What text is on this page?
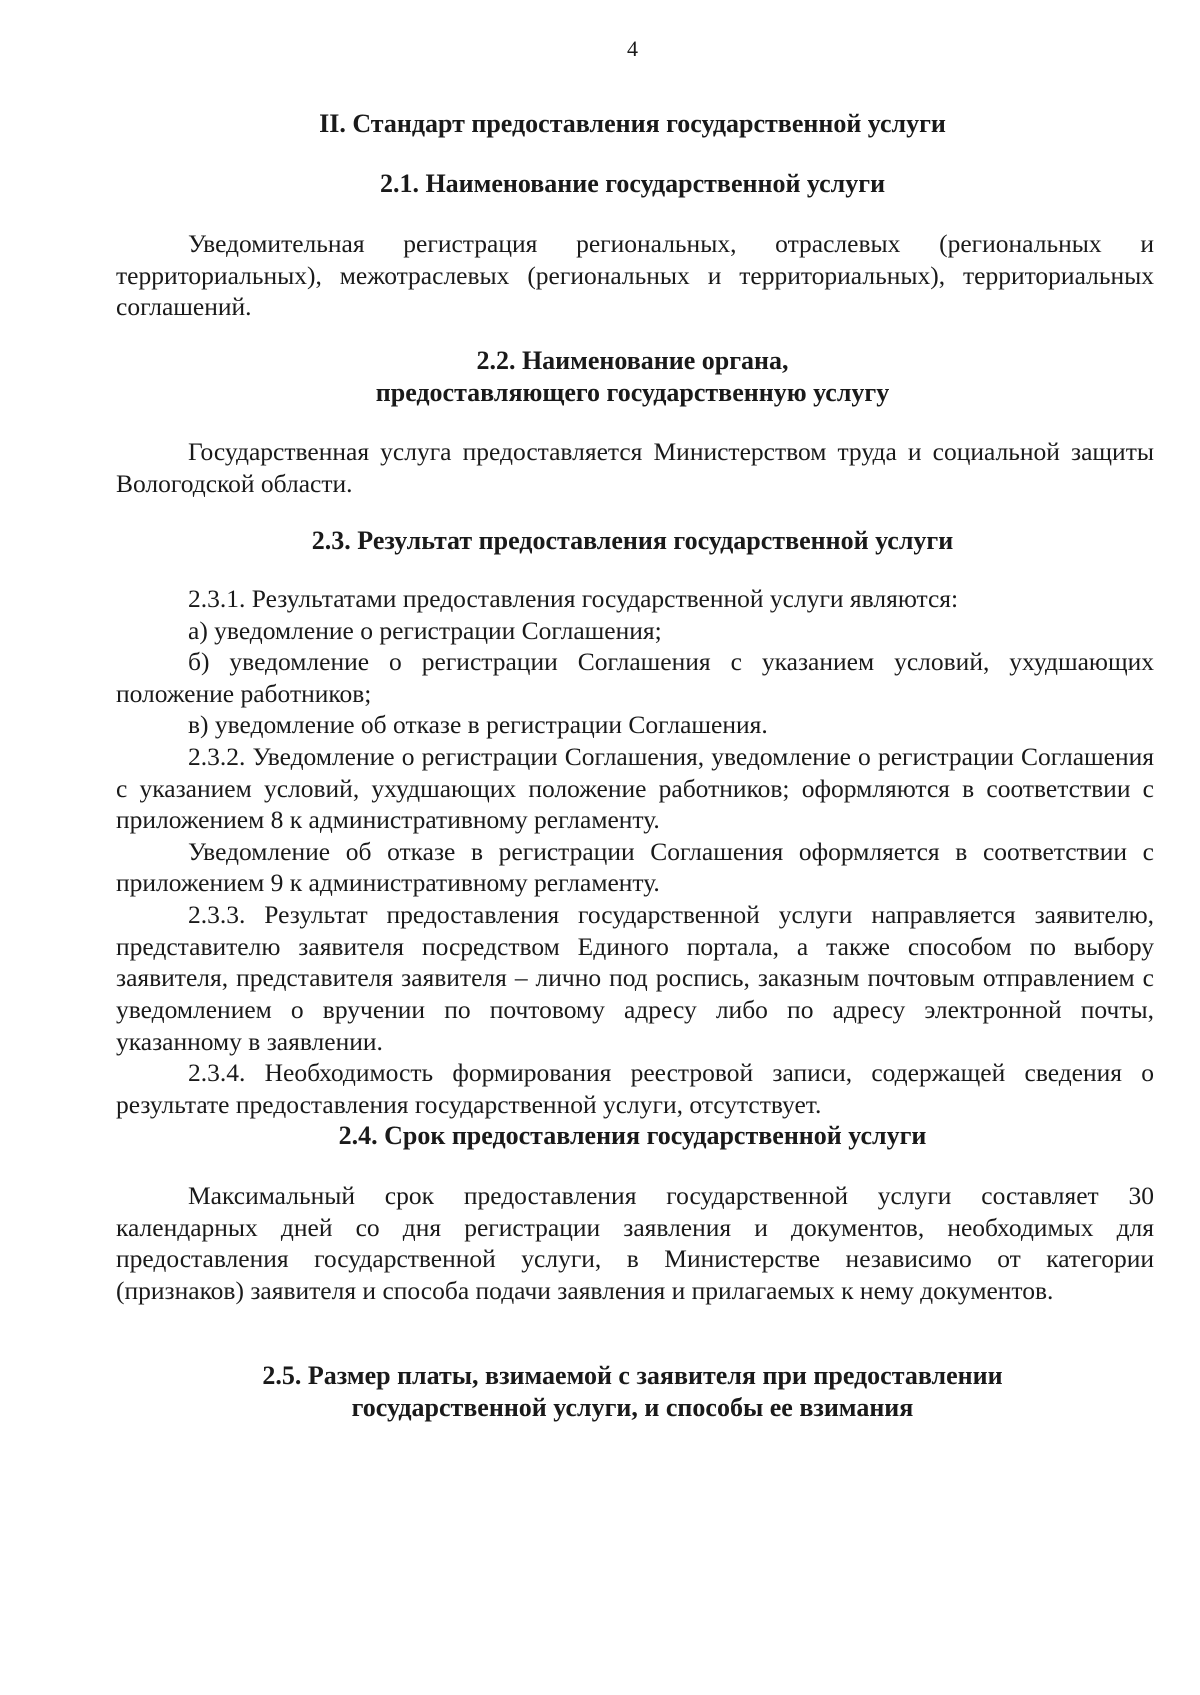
4
II. Стандарт предоставления государственной услуги
2.1. Наименование государственной услуги

Уведомительная регистрация региональных, отраслевых (региональных и территориальных), межотраслевых (региональных и территориальных), территориальных соглашений.

2.2. Наименование органа,
предоставляющего государственную услугу

Государственная услуга предоставляется Министерством труда и социальной защиты Вологодской области.

2.3. Результат предоставления государственной услуги

2.3.1. Результатами предоставления государственной услуги являются:

а) уведомление о регистрации Соглашения;

б) уведомление о регистрации Соглашения с указанием условий, ухудшающих положение работников;

в) уведомление об отказе в регистрации Соглашения.

2.3.2. Уведомление о регистрации Соглашения, уведомление о регистрации Соглашения с указанием условий, ухудшающих положение работников; оформляются в соответствии с приложением 8 к административному регламенту.

Уведомление об отказе в регистрации Соглашения оформляется в соответствии с приложением 9 к административному регламенту.

2.3.3. Результат предоставления государственной услуги направляется заявителю, представителю заявителя посредством Единого портала, а также способом по выбору заявителя, представителя заявителя – лично под роспись, заказным почтовым отправлением с уведомлением о вручении по почтовому адресу либо по адресу электронной почты, указанному в заявлении.

2.3.4. Необходимость формирования реестровой записи, содержащей сведения о результате предоставления государственной услуги, отсутствует.

2.4. Срок предоставления государственной услуги

Максимальный срок предоставления государственной услуги составляет 30 календарных дней со дня регистрации заявления и документов, необходимых для предоставления государственной услуги, в Министерстве независимо от категории (признаков) заявителя и способа подачи заявления и прилагаемых к нему документов.

2.5. Размер платы, взимаемой с заявителя при предоставлении
государственной услуги, и способы ее взимания
